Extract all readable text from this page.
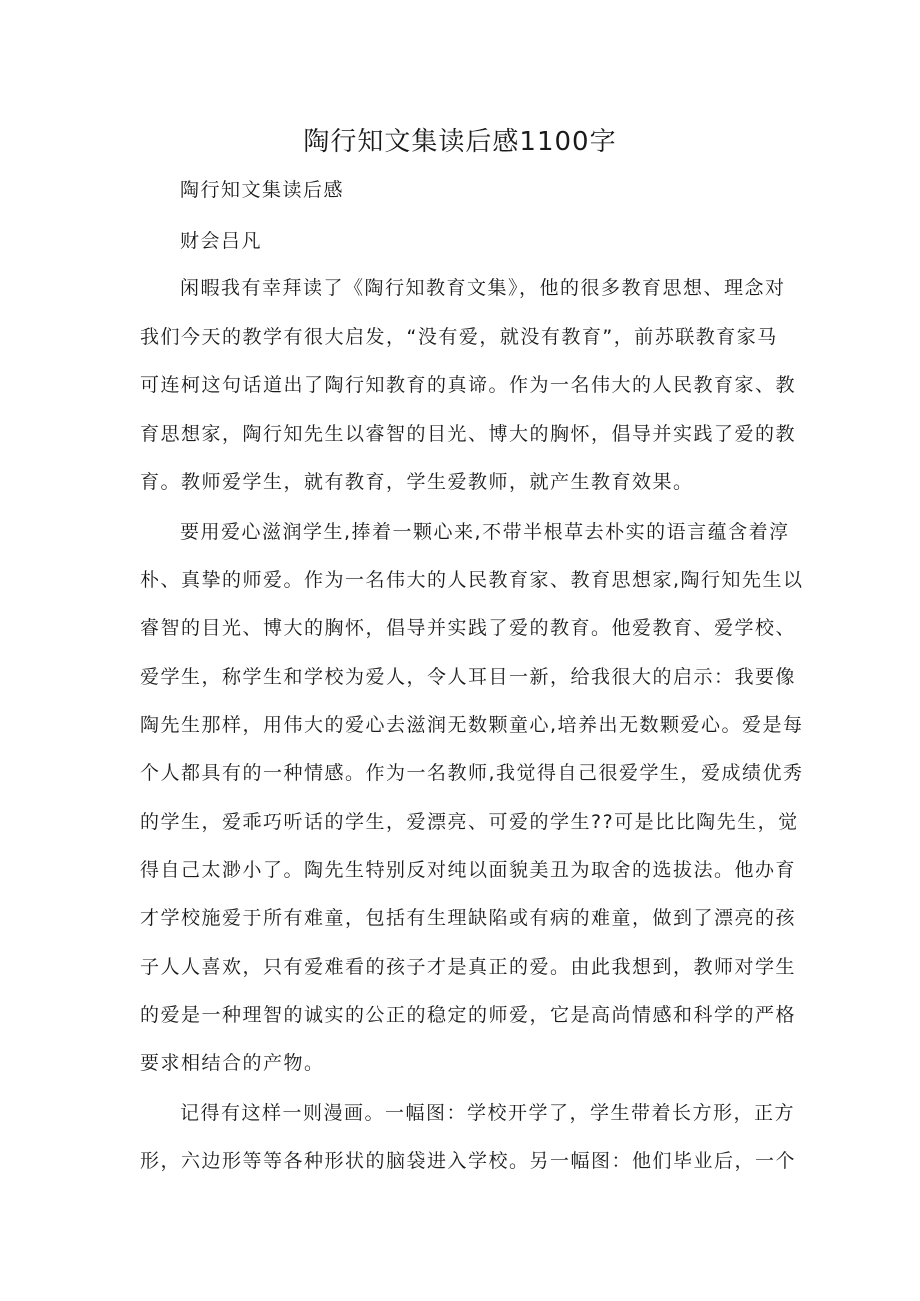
陶行知文集读后感1100字

陶行知文集读后感

财会吕凡

闲暇我有幸拜读了《陶行知教育文集》，他的很多教育思想、理念对

我们今天的教学有很大启发，“没有爱，就没有教育”，前苏联教育家马

可连柯这句话道出了陶行知教育的真谛。作为一名伟大的人民教育家、教

育思想家，陶行知先生以睿智的目光、博大的胸怀，倡导并实践了爱的教

育。教师爱学生，就有教育，学生爱教师，就产生教育效果。

要用爱心滋润学生,捧着一颗心来,不带半根草去朴实的语言蕴含着淳

朴、真挚的师爱。作为一名伟大的人民教育家、教育思想家,陶行知先生以

睿智的目光、博大的胸怀，倡导并实践了爱的教育。他爱教育、爱学校、

爱学生，称学生和学校为爱人，令人耳目一新，给我很大的启示：我要像

陶先生那样，用伟大的爱心去滋润无数颗童心,培养出无数颗爱心。爱是每

个人都具有的一种情感。作为一名教师,我觉得自己很爱学生，爱成绩优秀

的学生，爱乖巧听话的学生，爱漂亮、可爱的学生??可是比比陶先生，觉

得自己太渺小了。陶先生特别反对纯以面貌美丑为取舍的选拔法。他办育

才学校施爱于所有难童，包括有生理缺陷或有病的难童，做到了漂亮的孩

子人人喜欢，只有爱难看的孩子才是真正的爱。由此我想到，教师对学生

的爱是一种理智的诚实的公正的稳定的师爱，它是高尚情感和科学的严格

要求相结合的产物。

记得有这样一则漫画。一幅图：学校开学了，学生带着长方形，正方

形，六边形等等各种形状的脑袋进入学校。另一幅图：他们毕业后，一个
